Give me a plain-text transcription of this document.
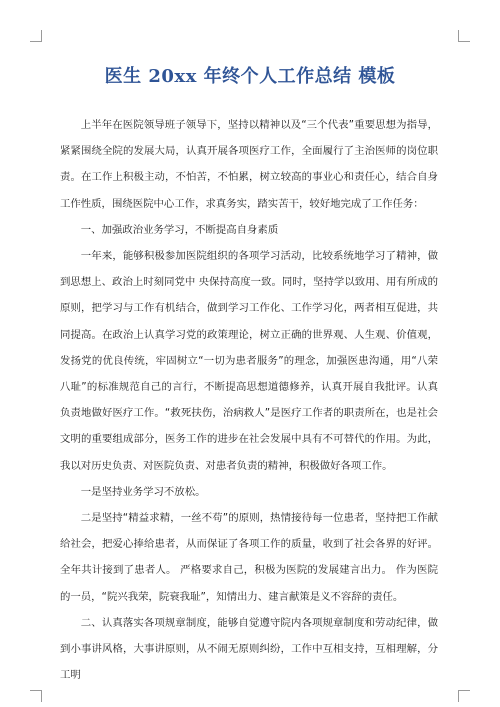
医生 20xx 年终个人工作总结 模板

上半年在医院领导班子领导下，坚持以精神以及“三个代表”重要思想为指导，紧紧围绕全院的发展大局，认真开展各项医疗工作，全面履行了主治医师的岗位职责。在工作上积极主动，不怕苦，不怕累，树立较高的事业心和责任心，结合自身工作性质，围绕医院中心工作，求真务实，踏实苦干，较好地完成了工作任务：

一、加强政治业务学习，不断提高自身素质

一年来，能够积极参加医院组织的各项学习活动，比较系统地学习了精神，做到思想上、政治上时刻同党中 央保持高度一致。同时，坚持学以致用、用有所成的原则，把学习与工作有机结合，做到学习工作化、工作学习化，两者相互促进，共同提高。在政治上认真学习党的政策理论，树立正确的世界观、人生观、价值观，发扬党的优良传统，牢固树立“一切为患者服务”的理念，加强医患沟通，用“八荣八耻”的标准规范自己的言行，不断提高思想道德修养，认真开展自我批评。认真负责地做好医疗工作。“救死扶伤，治病救人”是医疗工作者的职责所在，也是社会文明的重要组成部分，医务工作的进步在社会发展中具有不可替代的作用。为此，我以对历史负责、对医院负责、对患者负责的精神，积极做好各项工作。

一是坚持业务学习不放松。

二是坚持“精益求精，一丝不苟”的原则，热情接待每一位患者，坚持把工作献给社会，把爱心捧给患者，从而保证了各项工作的质量，收到了社会各界的好评。全年共计接到了患者人。 严格要求自己，积极为医院的发展建言出力。 作为医院的一员，“院兴我荣，院衰我耻”，知情出力、建言献策是义不容辞的责任。

二、认真落实各项规章制度，能够自觉遵守院内各项规章制度和劳动纪律，做到小事讲风格，大事讲原则，从不闹无原则纠纷，工作中互相支持，互相理解，分工明
